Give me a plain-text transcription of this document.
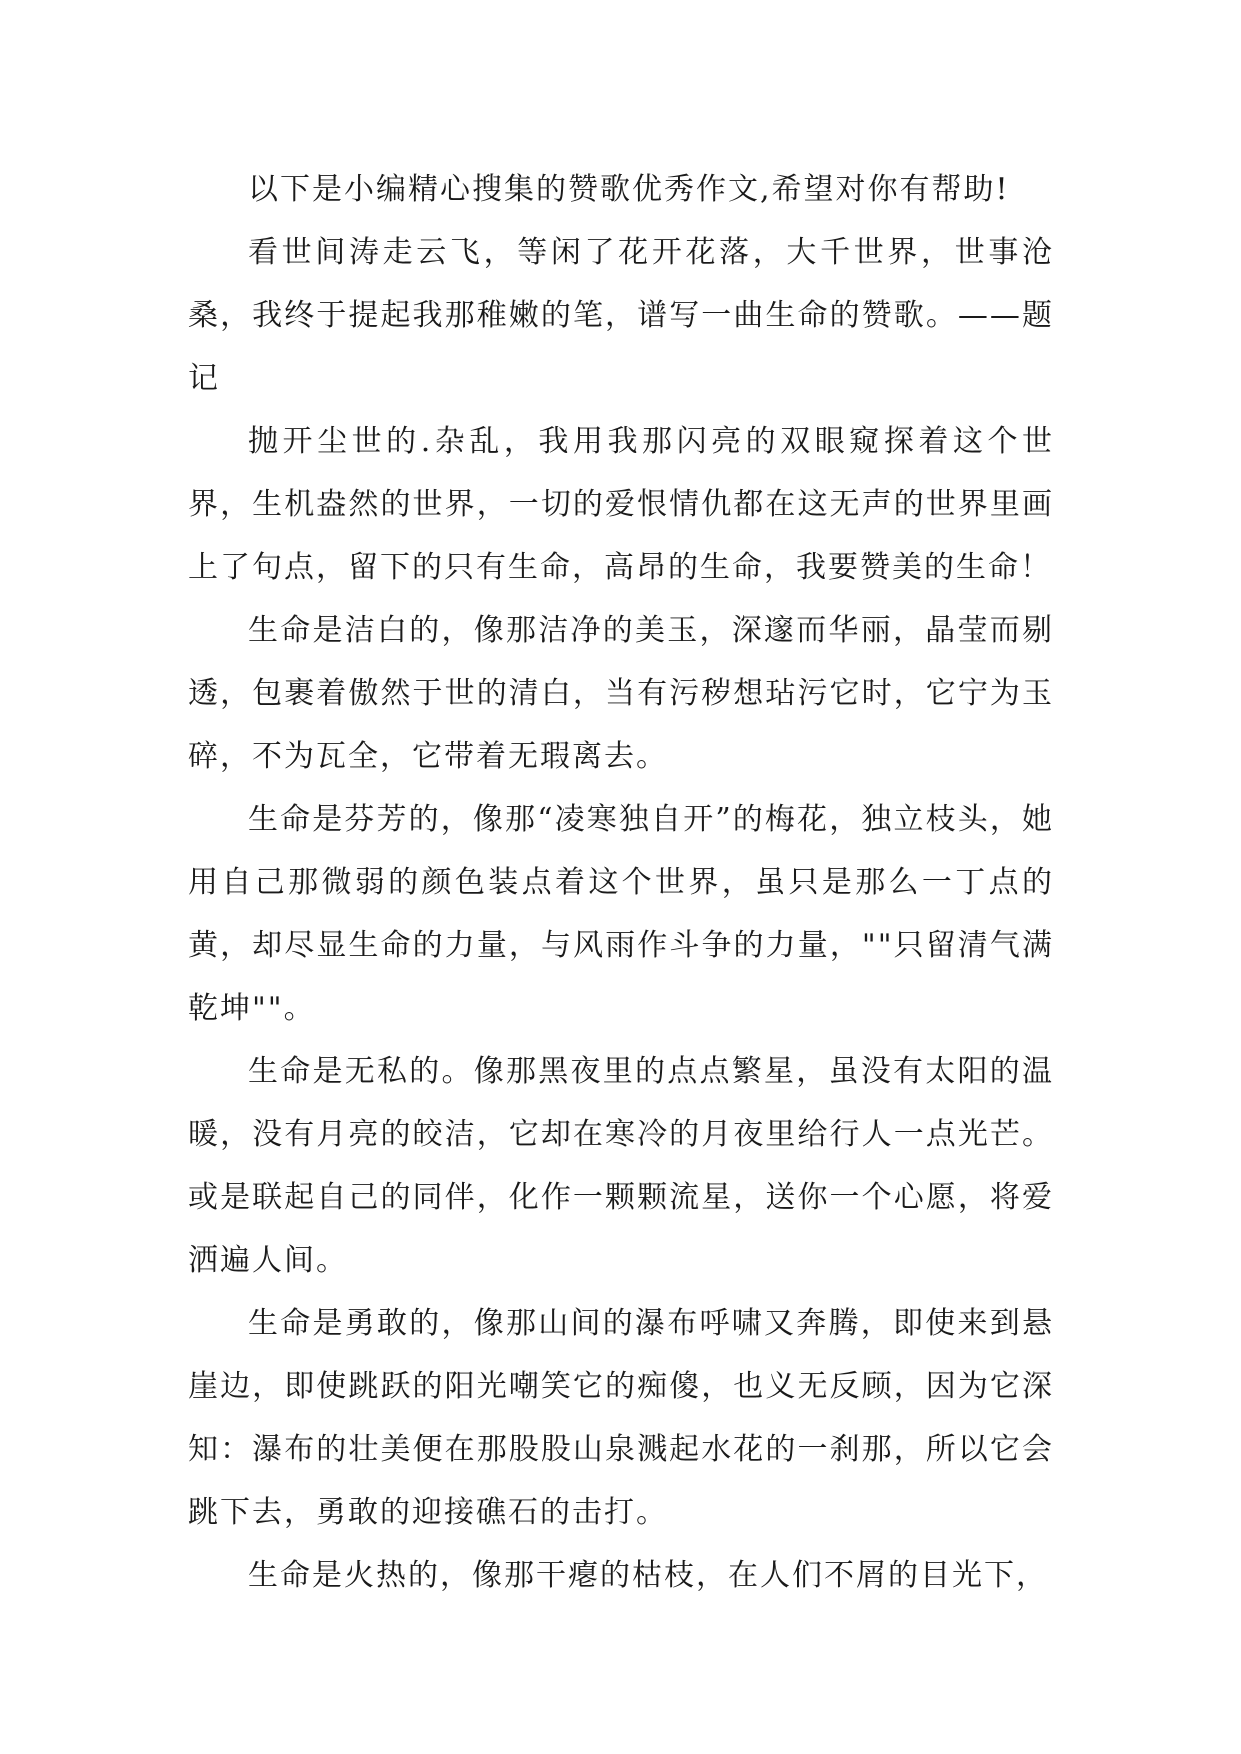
以下是小编精心搜集的赞歌优秀作文,希望对你有帮助!

看世间涛走云飞，等闲了花开花落，大千世界，世事沧桑，我终于提起我那稚嫩的笔，谱写一曲生命的赞歌。——题记

抛开尘世的.杂乱，我用我那闪亮的双眼窥探着这个世界，生机盎然的世界，一切的爱恨情仇都在这无声的世界里画上了句点，留下的只有生命，高昂的生命，我要赞美的生命！

生命是洁白的，像那洁净的美玉，深邃而华丽，晶莹而剔透，包裹着傲然于世的清白，当有污秽想玷污它时，它宁为玉碎，不为瓦全，它带着无瑕离去。

生命是芬芳的，像那“凌寒独自开”的梅花，独立枝头，她用自己那微弱的颜色装点着这个世界，虽只是那么一丁点的黄，却尽显生命的力量，与风雨作斗争的力量，""只留清气满乾坤""。

生命是无私的。像那黑夜里的点点繁星，虽没有太阳的温暖，没有月亮的皎洁，它却在寒冷的月夜里给行人一点光芒。或是联起自己的同伴，化作一颗颗流星，送你一个心愿，将爱洒遍人间。

生命是勇敢的，像那山间的瀑布呼啸又奔腾，即使来到悬崖边，即使跳跃的阳光嘲笑它的痴傻，也义无反顾，因为它深知：瀑布的壮美便在那股股山泉溅起水花的一刹那，所以它会跳下去，勇敢的迎接礁石的击打。

生命是火热的，像那干瘪的枯枝，在人们不屑的目光下，
